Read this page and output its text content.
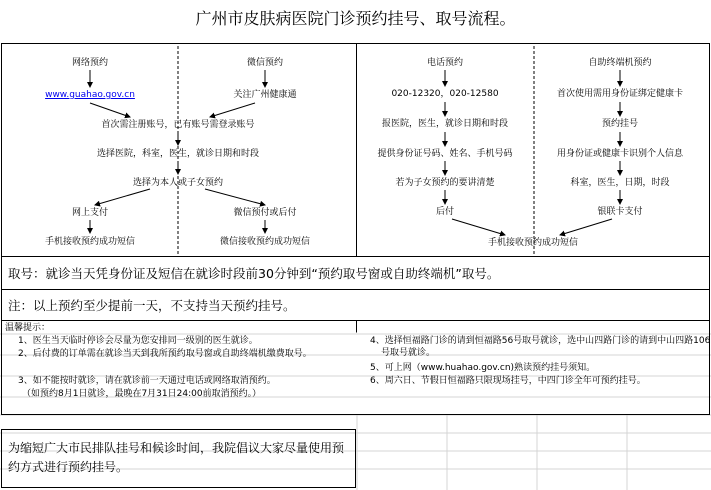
广州市皮肤病医院门诊预约挂号、取号流程。
网络预约	微信预约
www.guahao.gov.cn	关注广州健康通
首次需注册账号，已有账号需登录账号
选择医院，科室，医生，就诊日期和时段
选择为本人或子女预约
网上支付	微信预付或后付
手机接收预约成功短信	微信接收预约成功短信
电话预约	自助终端机预约
020-12320，020-12580	首次使用需用身份证绑定健康卡
报医院，医生，就诊日期和时段	预约挂号
提供身份证号码、姓名、手机号码	用身份证或健康卡识别个人信息
若为子女预约的要讲清楚	科室，医生，日期，时段
后付	银联卡支付
手机接收预约成功短信
取号：就诊当天凭身份证及短信在就诊时段前30分钟到“预约取号窗或自助终端机”取号。
注：以上预约至少提前一天，不支持当天预约挂号。
温馨提示：
1、医生当天临时停诊会尽量为您安排同一级别的医生就诊。
2、后付费的订单需在就诊当天到我所预约取号窗或自助终端机缴费取号。
3、如不能按时就诊，请在就诊前一天通过电话或网络取消预约。
（如预约8月1日就诊，最晚在7月31日24:00前取消预约。）
4、选择恒福路门诊的请到恒福路56号取号就诊，选中山四路门诊的请到中山四路106号取号就诊。
5、可上网（www.huahao.gov.cn)熟读预约挂号须知。
6、周六日、节假日恒福路只限现场挂号，中四门诊全年可预约挂号。
为缩短广大市民排队挂号和候诊时间，我院倡议大家尽量使用预约方式进行预约挂号。
